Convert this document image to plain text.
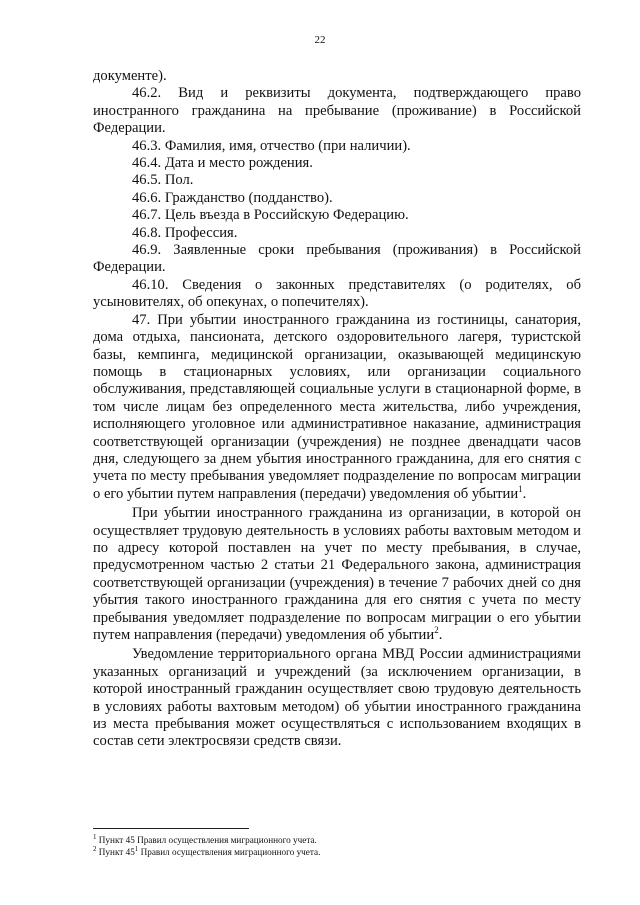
22

документе).

46.2. Вид и реквизиты документа, подтверждающего право иностранного гражданина на пребывание (проживание) в Российской Федерации.

46.3. Фамилия, имя, отчество (при наличии).

46.4. Дата и место рождения.

46.5. Пол.

46.6. Гражданство (подданство).

46.7. Цель въезда в Российскую Федерацию.

46.8. Профессия.

46.9. Заявленные сроки пребывания (проживания) в Российской Федерации.

46.10. Сведения о законных представителях (о родителях, об усыновителях, об опекунах, о попечителях).

47. При убытии иностранного гражданина из гостиницы, санатория, дома отдыха, пансионата, детского оздоровительного лагеря, туристской базы, кемпинга, медицинской организации, оказывающей медицинскую помощь в стационарных условиях, или организации социального обслуживания, представляющей социальные услуги в стационарной форме, в том числе лицам без определенного места жительства, либо учреждения, исполняющего уголовное или административное наказание, администрация соответствующей организации (учреждения) не позднее двенадцати часов дня, следующего за днем убытия иностранного гражданина, для его снятия с учета по месту пребывания уведомляет подразделение по вопросам миграции о его убытии путем направления (передачи) уведомления об убытии$^1$.

При убытии иностранного гражданина из организации, в которой он осуществляет трудовую деятельность в условиях работы вахтовым методом и по адресу которой поставлен на учет по месту пребывания, в случае, предусмотренном частью 2 статьи 21 Федерального закона, администрация соответствующей организации (учреждения) в течение 7 рабочих дней со дня убытия такого иностранного гражданина для его снятия с учета по месту пребывания уведомляет подразделение по вопросам миграции о его убытии путем направления (передачи) уведомления об убытии$^2$.

Уведомление территориального органа МВД России администрациями указанных организаций и учреждений (за исключением организации, в которой иностранный гражданин осуществляет свою трудовую деятельность в условиях работы вахтовым методом) об убытии иностранного гражданина из места пребывания может осуществляться с использованием входящих в состав сети электросвязи средств связи.

$^1$ Пункт 45 Правил осуществления миграционного учета.
$^2$ Пункт $45^1$ Правил осуществления миграционного учета.
